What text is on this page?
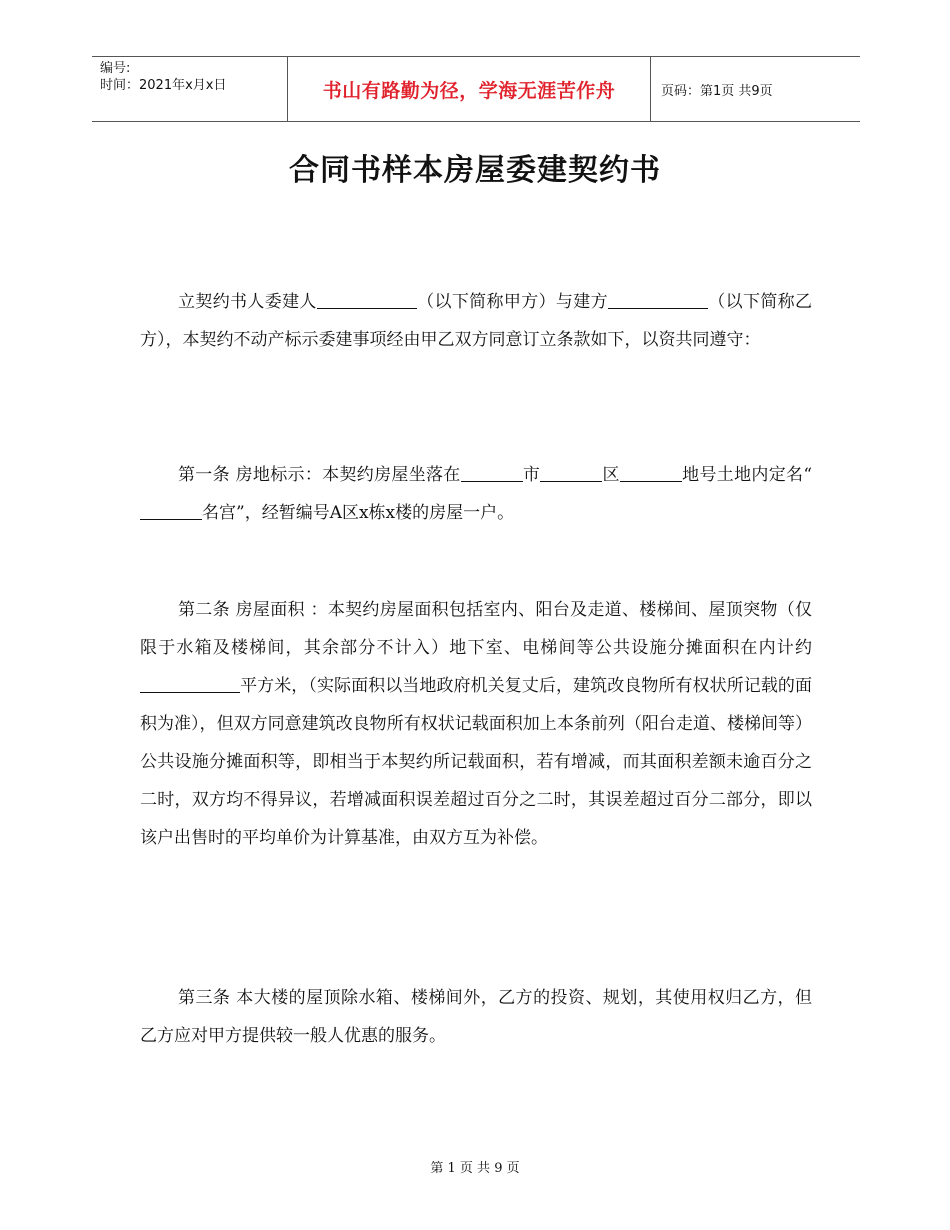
编号:
时间：2021年x月x日	书山有路勤为径，学海无涯苦作舟	页码：第1页 共9页
合同书样本房屋委建契约书

立契约书人委建人	（以下简称甲方）与建方	（以下简称乙方），本契约不动产标示委建事项经由甲乙双方同意订立条款如下，以资共同遵守：

第一条 房地标示：本契约房屋坐落在	市	区	地号土地内定名“名宫”，经暂编号A区x栋x楼的房屋一户。

第二条 房屋面积 ：本契约房屋面积包括室内、阳台及走道、楼梯间、屋顶突物（仅限于水箱及楼梯间，其余部分不计入）地下室、电梯间等公共设施分摊面积在内计约平方米，（实际面积以当地政府机关复丈后，建筑改良物所有权状所记载的面积为准），但双方同意建筑改良物所有权状记载面积加上本条前列（阳台走道、楼梯间等）公共设施分摊面积等，即相当于本契约所记载面积，若有增减，而其面积差额未逾百分之二时，双方均不得异议，若增减面积误差超过百分之二时，其误差超过百分二部分，即以该户出售时的平均单价为计算基准，由双方互为补偿。

第三条 本大楼的屋顶除水箱、楼梯间外，乙方的投资、规划，其使用权归乙方，但乙方应对甲方提供较一般人优惠的服务。

第 1 页 共 9 页
